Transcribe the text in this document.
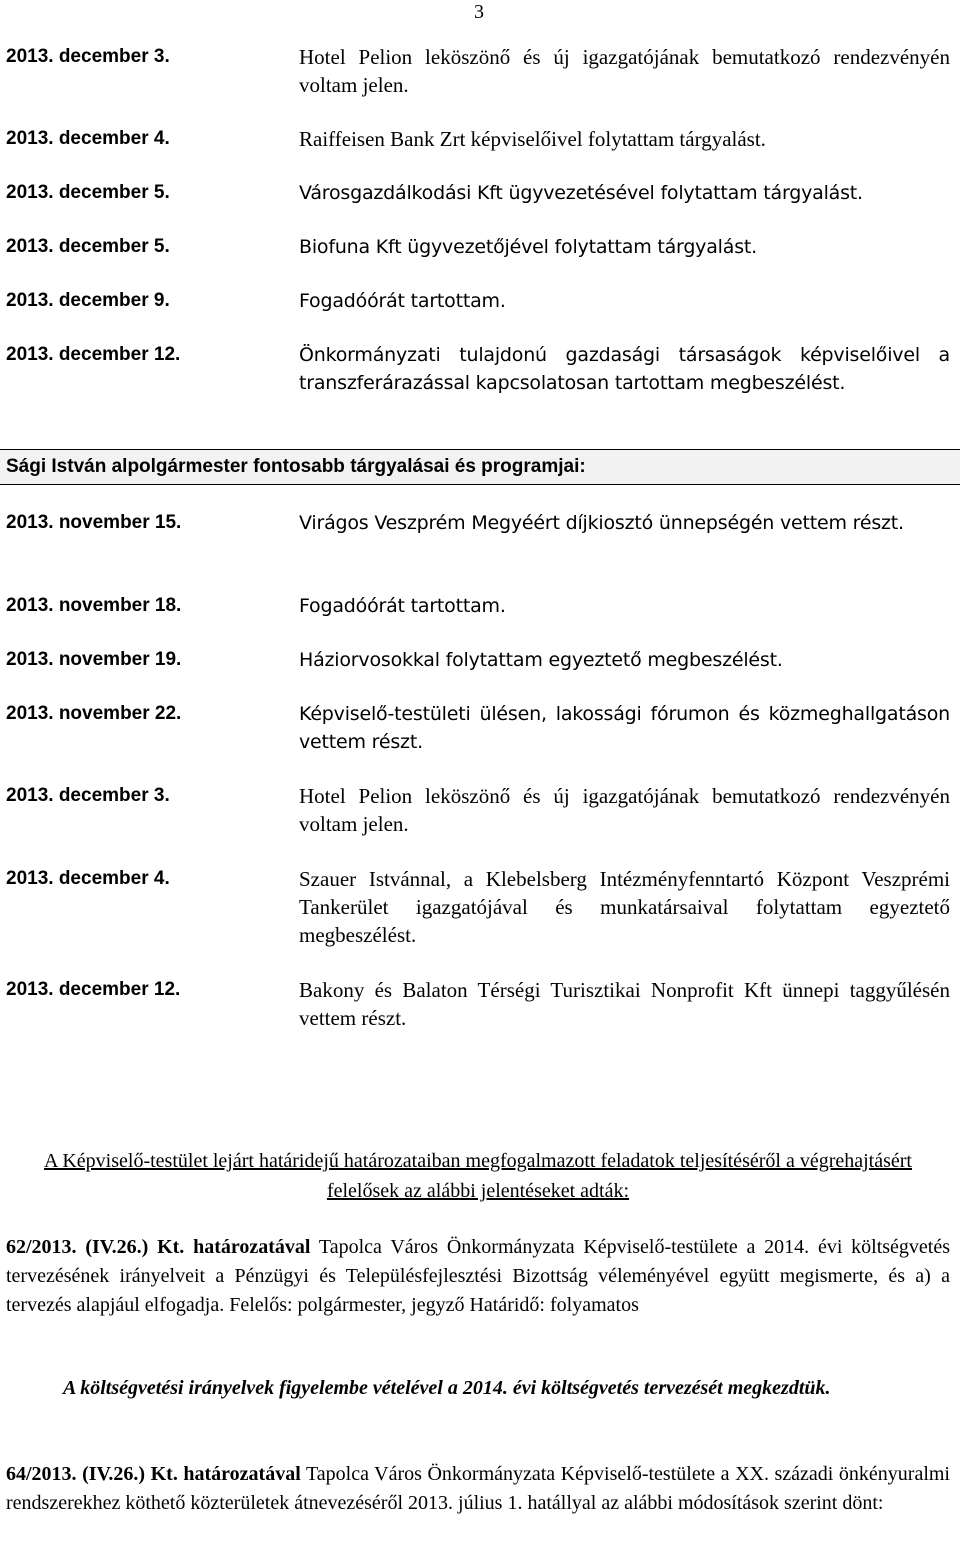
3
2013. december 3.	Hotel Pelion leköszönő és új igazgatójának bemutatkozó rendezvényén voltam jelen.
2013. december 4.	Raiffeisen Bank Zrt képviselőivel folytattam tárgyalást.
2013. december 5.	Városgazdálkodási Kft ügyvezetésével folytattam tárgyalást.
2013. december 5.	Biofuna Kft ügyvezetőjével folytattam tárgyalást.
2013. december 9.	Fogadóórát tartottam.
2013. december 12.	Önkormányzati tulajdonú gazdasági társaságok képviselőivel a transzferárazással kapcsolatosan tartottam megbeszélést.
Sági István alpolgármester fontosabb tárgyalásai és programjai:
2013. november 15.	Virágos Veszprém Megyéért díjkiosztó ünnepségén vettem részt.
2013. november 18.	Fogadóórát tartottam.
2013. november 19.	Háziorvosokkal folytattam egyeztető megbeszélést.
2013. november 22.	Képviselő-testületi ülésen, lakossági fórumon és közmeghallgatáson vettem részt.
2013. december 3.	Hotel Pelion leköszönő és új igazgatójának bemutatkozó rendezvényén voltam jelen.
2013. december 4.	Szauer Istvánnal, a Klebelsberg Intézményfenntartó Központ Veszprémi Tankerület igazgatójával és munkatársaival folytattam egyeztető megbeszélést.
2013. december 12.	Bakony és Balaton Térségi Turisztikai Nonprofit Kft ünnepi taggyűlésén vettem részt.
A Képviselő-testület lejárt határidejű határozataiban megfogalmazott feladatok teljesítéséről a végrehajtásért felelősek az alábbi jelentéseket adták:
62/2013. (IV.26.) Kt. határozatával Tapolca Város Önkormányzata Képviselő-testülete a 2014. évi költségvetés tervezésének irányelveit a Pénzügyi és Településfejlesztési Bizottság véleményével együtt megismerte, és a) a tervezés alapjául elfogadja. Felelős: polgármester, jegyző Határidő: folyamatos
A költségvetési irányelvek figyelembe vételével a 2014. évi költségvetés tervezését megkezdtük.
64/2013. (IV.26.) Kt. határozatával Tapolca Város Önkormányzata Képviselő-testülete a XX. századi önkényuralmi rendszerekhez köthető közterületek átnevezéséről 2013. július 1. hatállyal az alábbi módosítások szerint dönt:
